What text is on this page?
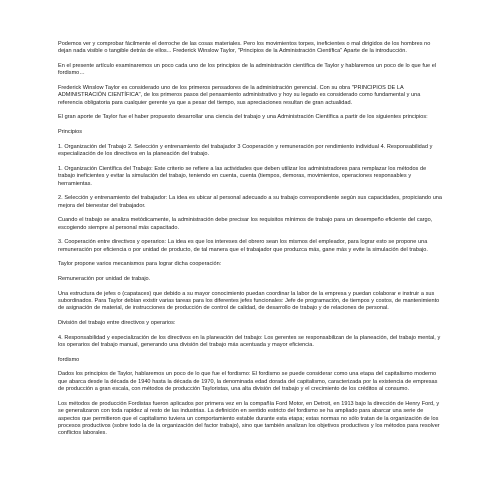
Podemos ver y comprobar fácilmente el derroche de las cosas materiales. Pero los movimientos torpes, ineficientes o mal dirigidos de los hombres no dejan nada visible o tangible detrás de ellos... Frederick Winslow Taylor, "Principios de la Administración Científica" Aparte de la introducción.

En el presente artículo examinaremos un poco cada uno de los principios de la administración científica de Taylor y hablaremos un poco de lo que fue el fordismo…

Frederick Winslow Taylor es considerado uno de los primeros pensadores de la administración gerencial. Con su obra "PRINCIPIOS DE LA ADMINISTRACIÓN CIENTÍFICA", de los primeros pasos del pensamiento administrativo y hoy su legado es considerado como fundamental y una referencia obligatoria para cualquier gerente ya que a pesar del tiempo, sus apreciaciones resultan de gran actualidad.

El gran aporte de Taylor fue el haber propuesto desarrollar una ciencia del trabajo y una Administración Científica a partir de los siguientes principios:

Principios

1. Organización del Trabajo 2. Selección y entrenamiento del trabajador 3 Cooperación y remuneración por rendimiento individual 4. Responsabilidad y especialización de los directivos en la planeación del trabajo.

1. Organización Científica del Trabajo: Este criterio se refiere a las actividades que deben utilizar los administradores para remplazar los métodos de trabajo ineficientes y evitar la simulación del trabajo, teniendo en cuenta, cuenta (tiempos, demoras, movimientos, operaciones responsables y herramientas.

2. Selección y entrenamiento del trabajador: La idea es ubicar al personal adecuado a su trabajo correspondiente según sus capacidades, propiciando una mejora del bienestar del trabajador.

Cuando el trabajo se analiza metódicamente, la administración debe precisar los requisitos mínimos de trabajo para un desempeño eficiente del cargo, escogiendo siempre al personal más capacitado.

3. Cooperación entre directivos y operarios: La idea es que los intereses del obrero sean los mismos del empleador, para lograr esto se propone una remuneración por eficiencia o por unidad de producto, de tal manera que el trabajador que produzca más, gane más y evite la simulación del trabajo.

Taylor propone varios mecanismos para lograr dicha cooperación:

Remuneración por unidad de trabajo.

Una estructura de jefes o (capataces) que debido a su mayor conocimiento puedan coordinar la labor de la empresa y puedan colaborar e instruir a sus subordinados. Para Taylor debían existir varias tareas para los diferentes jefes funcionales: Jefe de programación, de tiempos y costos, de mantenimiento de asignación de material, de instrucciones de producción de control de calidad, de desarrollo de trabajo y de relaciones de personal.

División del trabajo entre directivos y operarios:

4. Responsabilidad y especialización de los directivos en la planeación del trabajo: Los gerentes se responsabilizan de la planeación, del trabajo mental, y los operarios del trabajo manual, generando una división del trabajo más acentuada y mayor eficiencia.

fordismo

Dados los principios de Taylor, hablaremos un poco de lo que fue el fordismo: El fordismo se puede considerar como una etapa del capitalismo moderno que abarca desde la década de 1940 hasta la década de 1970, la denominada edad dorada del capitalismo, caracterizada por la existencia de empresas de producción a gran escala, con métodos de producción Tayloristas, una alta división del trabajo y el crecimiento de los créditos al consumo.

Los métodos de producción Fordistas fueron aplicados por primera vez en la compañía Ford Motor, en Detroit, en 1913 bajo la dirección de Henry Ford, y se generalizaron con toda rapidez al resto de las industrias. La definición en sentido estricto del fordismo se ha ampliado para abarcar una serie de aspectos que permitieron que el capitalismo tuviera un comportamiento estable durante esta etapa; estas normas no sólo tratan de la organización de los procesos productivos (sobre todo la de la organización del factor trabajo), sino que también analizan los objetivos productivos y los métodos para resolver conflictos laborales.
